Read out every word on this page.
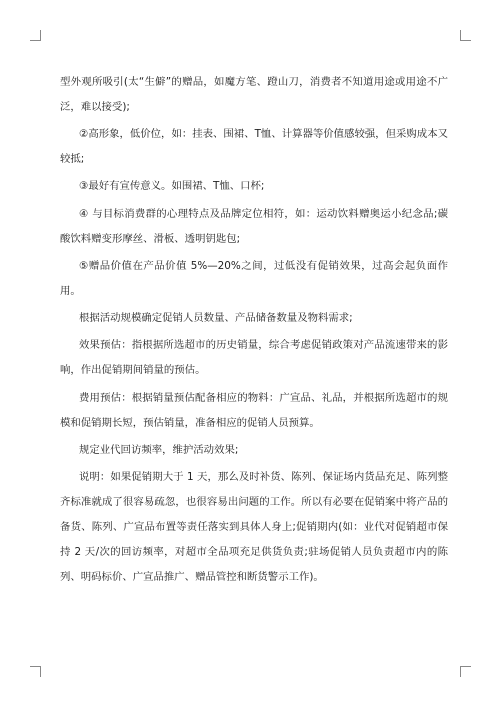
型外观所吸引(太“生僻”的赠品，如魔方笔、蹬山刀，消费者不知道用途或用途不广泛，难以接受);

②高形象，低价位，如：挂表、围裙、T恤、计算器等价值感较强，但采购成本又较抵;

③最好有宣传意义。如围裙、T恤、口杯;

④ 与目标消费群的心理特点及品牌定位相符，如：运动饮料赠奥运小纪念品;碳酸饮料赠变形摩丝、滑板、透明钥匙包;

⑤赠品价值在产品价值 5%—20%之间，过低没有促销效果，过高会起负面作用。

根据活动规模确定促销人员数量、产品储备数量及物料需求;

效果预估：指根据所选超市的历史销量，综合考虑促销政策对产品流速带来的影响，作出促销期间销量的预估。

费用预估：根据销量预估配备相应的物料：广宣品、礼品，并根据所选超市的规模和促销期长短，预估销量，准备相应的促销人员预算。

规定业代回访频率，维护活动效果;

说明：如果促销期大于 1 天，那么及时补货、陈列、保证场内货品充足、陈列整齐标准就成了很容易疏忽，也很容易出问题的工作。所以有必要在促销案中将产品的备货、陈列、广宣品布置等责任落实到具体人身上;促销期内(如：业代对促销超市保持 2 天/次的回访频率，对超市全品项充足供货负责;驻场促销人员负责超市内的陈列、明码标价、广宣品推广、赠品管控和断货警示工作)。
